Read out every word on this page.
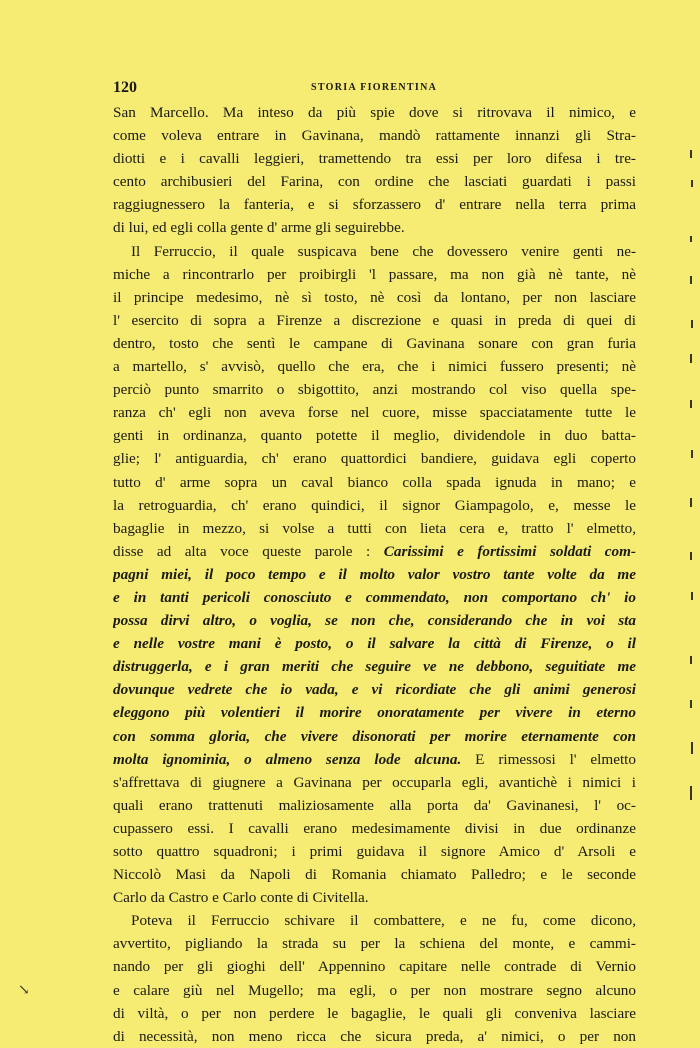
120	STORIA FIORENTINA
San Marcello. Ma inteso da più spie dove si ritrovava il nimico, e
come voleva entrare in Gavinana, mandò rattamente innanzi gli Stra-
diotti e i cavalli leggieri, tramettendo tra essi per loro difesa i tre-
cento archibusieri del Farina, con ordine che lasciati guardati i passi
raggiugnessero la fanteria, e si sforzassero d' entrare nella terra prima
di lui, ed egli colla gente d' arme gli seguirebbe.
Il Ferruccio, il quale suspicava bene che dovessero venire genti ne-
miche a rincontrarlo per proibirgli 'l passare, ma non già nè tante, nè
il principe medesimo, nè sì tosto, nè così da lontano, per non lasciare
l' esercito di sopra a Firenze a discrezione e quasi in preda di quei di
dentro, tosto che sentì le campane di Gavinana sonare con gran furia
a martello, s' avvisò, quello che era, che i nimici fussero presenti; nè
perciò punto smarrito o sbigottito, anzi mostrando col viso quella spe-
ranza ch' egli non aveva forse nel cuore, misse spacciatamente tutte le
genti in ordinanza, quanto potette il meglio, dividendole in duo batta-
glie; l' antiguardia, ch' erano quattordici bandiere, guidava egli coperto
tutto d' arme sopra un caval bianco colla spada ignuda in mano; e
la retroguardia, ch' erano quindici, il signor Giampagolo, e, messe le
bagaglie in mezzo, si volse a tutti con lieta cera e, tratto l' elmetto,
disse ad alta voce queste parole : Carissimi e fortissimi soldati com-
pagni miei, il poco tempo e il molto valor vostro tante volte da me
e in tanti pericoli conosciuto e commendato, non comportano ch' io
possa dirvi altro, o voglia, se non che, considerando che in voi sta
e nelle vostre mani è posto, o il salvare la città di Firenze, o il
distruggerla, e i gran meriti che seguire ve ne debbono, seguitiate me
dovunque vedrete che io vada, e vi ricordiate che gli animi generosi
eleggono più volentieri il morire onoratamente per vivere in eterno
con somma gloria, che vivere disonorati per morire eternamente con
molta ignominia, o almeno senza lode alcuna. E rimessosi l' elmetto
s'affrettava di giugnere a Gavinana per occuparla egli, avantichè i nimici i
quali erano trattenuti maliziosamente alla porta da' Gavinanesi, l' oc-
cupassero essi. I cavalli erano medesimamente divisi in due ordinanze
sotto quattro squadroni; i primi guidava il signore Amico d' Arsoli e
Niccolò Masi da Napoli di Romania chiamato Palledro; e le seconde
Carlo da Castro e Carlo conte di Civitella.
Poteva il Ferruccio schivare il combattere, e ne fu, come dicono,
avvertito, pigliando la strada su per la schiena del monte, e cammi-
nando per gli gioghi dell' Appennino capitare nelle contrade di Vernio
e calare giù nel Mugello; ma egli, o per non mostrare segno alcuno
di viltà, o per non perdere le bagaglie, le quali gli conveniva lasciare
di necessità, non meno ricca che sicura preda, a' nimici, o per non
↘
